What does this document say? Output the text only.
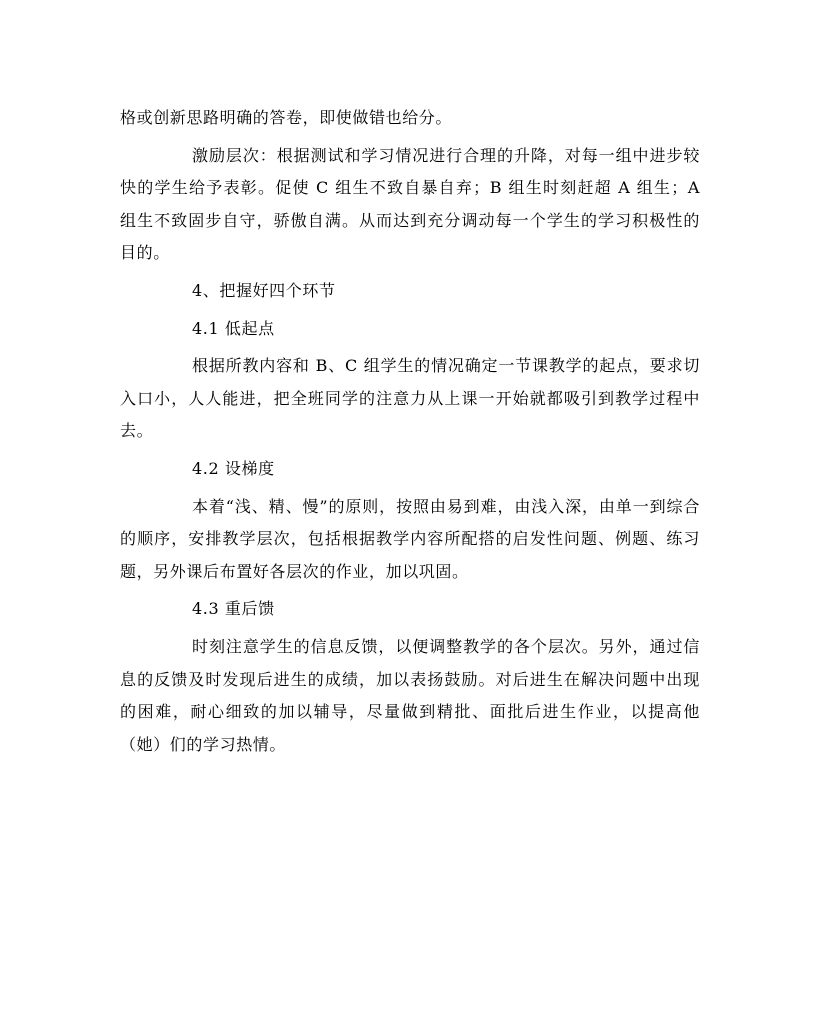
格或创新思路明确的答卷，即使做错也给分。

激励层次：根据测试和学习情况进行合理的升降，对每一组中进步较快的学生给予表彰。促使 C 组生不致自暴自弃；B 组生时刻赶超 A 组生；A 组生不致固步自守，骄傲自满。从而达到充分调动每一个学生的学习积极性的目的。

4、把握好四个环节

4.1 低起点

根据所教内容和 B、C 组学生的情况确定一节课教学的起点，要求切入口小，人人能进，把全班同学的注意力从上课一开始就都吸引到教学过程中去。

4.2 设梯度

本着“浅、精、慢”的原则，按照由易到难，由浅入深，由单一到综合的顺序，安排教学层次，包括根据教学内容所配搭的启发性问题、例题、练习题，另外课后布置好各层次的作业，加以巩固。

4.3 重后馈

时刻注意学生的信息反馈，以便调整教学的各个层次。另外，通过信息的反馈及时发现后进生的成绩，加以表扬鼓励。对后进生在解决问题中出现的困难，耐心细致的加以辅导，尽量做到精批、面批后进生作业，以提高他（她）们的学习热情。
